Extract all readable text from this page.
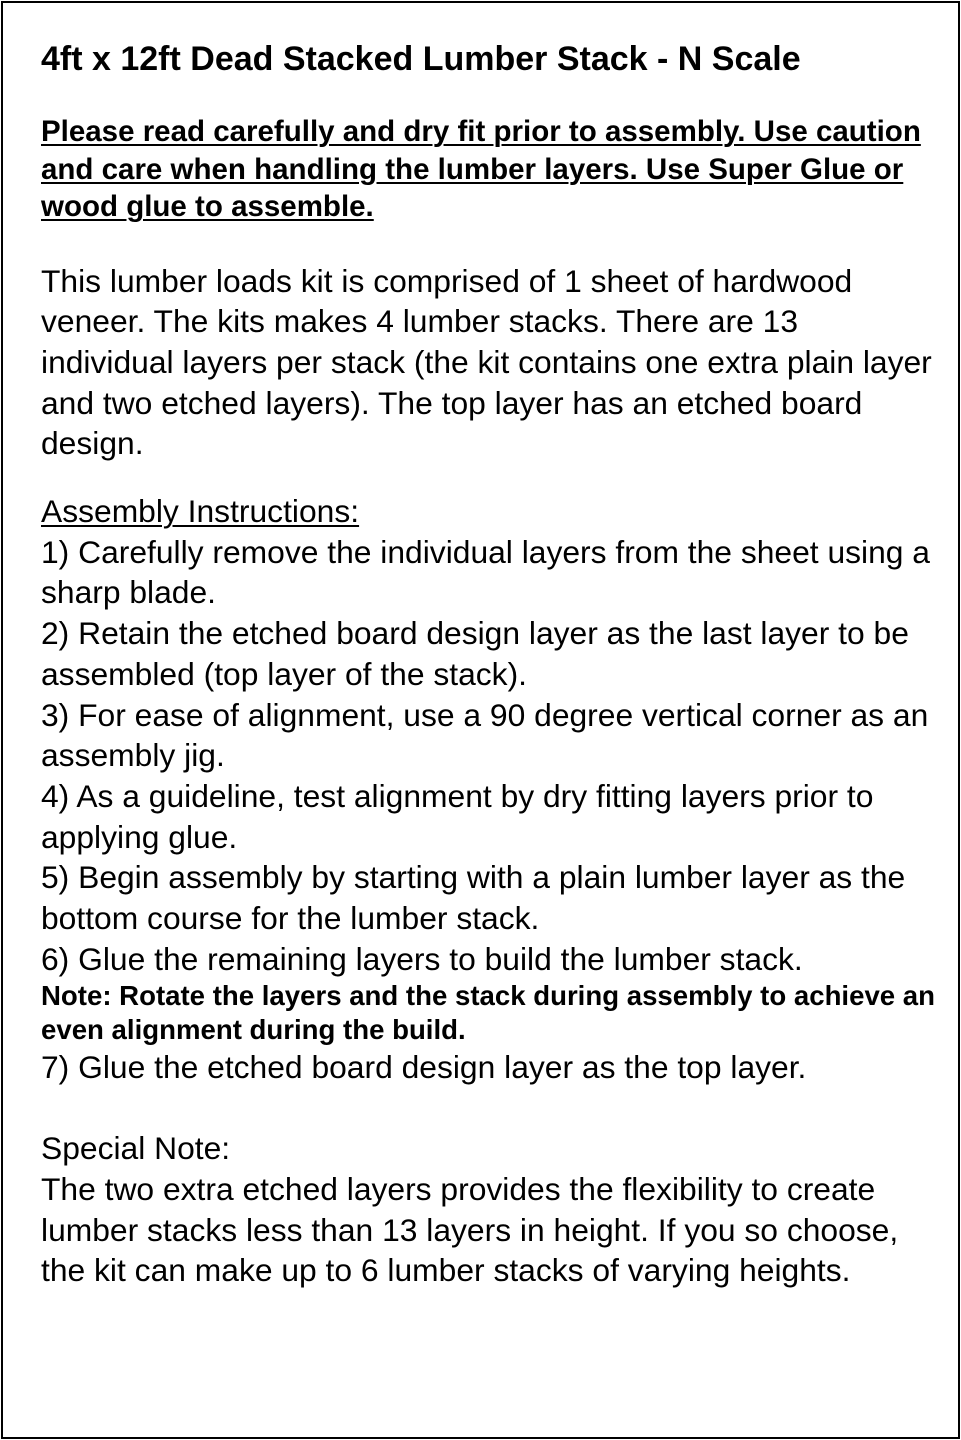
4ft x 12ft Dead Stacked Lumber Stack - N Scale

Please read carefully and dry fit prior to assembly. Use caution and care when handling the lumber layers. Use Super Glue or wood glue to assemble.

This lumber loads kit is comprised of 1 sheet of hardwood veneer. The kits makes 4 lumber stacks. There are 13 individual layers per stack (the kit contains one extra plain layer and two etched layers). The top layer has an etched board design.

Assembly Instructions:
1) Carefully remove the individual layers from the sheet using a sharp blade.
2) Retain the etched board design layer as the last layer to be assembled (top layer of the stack).
3) For ease of alignment, use a 90 degree vertical corner as an assembly jig.
4) As a guideline, test alignment by dry fitting layers prior to applying glue.
5) Begin assembly by starting with a plain lumber layer as the bottom course for the lumber stack.
6) Glue the remaining layers to build the lumber stack.
Note: Rotate the layers and the stack during assembly to achieve an even alignment during the build.
7) Glue the etched board design layer as the top layer.
Special Note:
The two extra etched layers provides the flexibility to create lumber stacks less than 13 layers in height. If you so choose, the kit can make up to 6 lumber stacks of varying heights.
